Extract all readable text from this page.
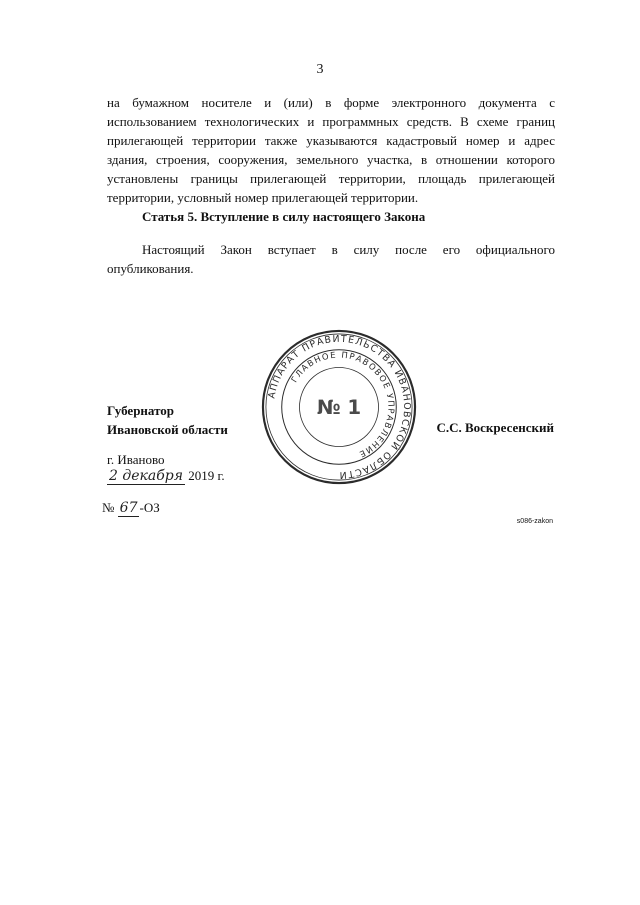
3

на бумажном носителе и (или) в форме электронного документа с использованием технологических и программных средств. В схеме границ прилегающей территории также указываются кадастровый номер и адрес здания, строения, сооружения, земельного участка, в отношении которого установлены границы прилегающей территории, площадь прилегающей территории, условный номер прилегающей территории.

Статья 5. Вступление в силу настоящего Закона

Настоящий Закон вступает в силу после его официального опубликования.

Губернатор
Ивановской области
АППАРАТ ПРАВИТЕЛЬСТВА ИВАНОВСКОЙ ОБЛАСТИ
ГЛАВНОЕ ПРАВОВОЕ УПРАВЛЕНИЕ
№ 1
С.С. Воскресенский
г. Иваново
2 декабря 2019 г.
№ 67 -ОЗ
s086-zakon
